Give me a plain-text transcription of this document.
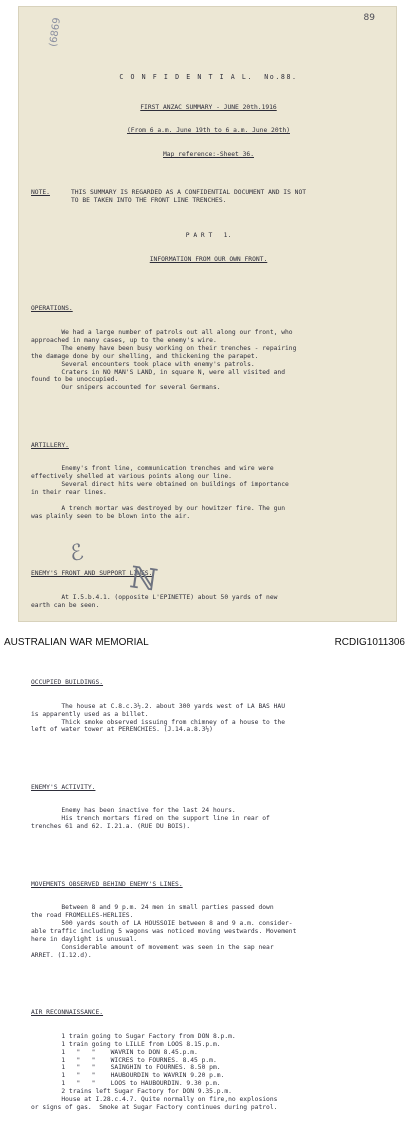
89
(6869

C O N F I D E N T I A L.  No.88.

FIRST ANZAC SUMMARY - JUNE 20th.1916

(From 6 a.m. June 19th to 6 a.m. June 20th)

Map reference:-Sheet 36.

NOTE.	THIS SUMMARY IS REGARDED AS A CONFIDENTIAL DOCUMENT AND IS NOT
TO BE TAKEN INTO THE FRONT LINE TRENCHES.

P A R T   1.

INFORMATION FROM OUR OWN FRONT.

OPERATIONS.

We had a large number of patrols out all along our front, who
approached in many cases, up to the enemy's wire.
The enemy have been busy working on their trenches - repairing
the damage done by our shelling, and thickening the parapet.
Several encounters took place with enemy's patrols.
Craters in NO MAN'S LAND, in square N, were all visited and
found to be unoccupied.
Our snipers accounted for several Germans.

ARTILLERY.

Enemy's front line, communication trenches and wire were
effectively shelled at various points along our line.
Several direct hits were obtained on buildings of importance
in their rear lines.

A trench mortar was destroyed by our howitzer fire. The gun
was plainly seen to be blown into the air.

ENEMY'S FRONT AND SUPPORT LINES.

At I.5.b.4.1. (opposite L'EPINETTE) about 50 yards of new
earth can be seen.

OCCUPIED BUILDINGS.

The house at C.8.c.3½.2. about 300 yards west of LA BAS HAU
is apparently used as a billet.
Thick smoke observed issuing from chimney of a house to the
left of water tower at PERENCHIES. (J.14.a.8.3½)

ENEMY'S ACTIVITY.

Enemy has been inactive for the last 24 hours.
His trench mortars fired on the support line in rear of
trenches 61 and 62. I.21.a. (RUE DU BOIS).

MOVEMENTS OBSERVED BEHIND ENEMY'S LINES.

Between 8 and 9 p.m. 24 men in small parties passed down
the road FROMELLES-HERLIES.
500 yards south of LA HOUSSOIE between 8 and 9 a.m. consider-
able traffic including 5 wagons was noticed moving westwards. Movement
here in daylight is unusual.
Considerable amount of movement was seen in the sap near
ARRET. (I.12.d).

AIR RECONNAISSANCE.

1 train going to Sugar Factory from DON 8.p.m.
1 train going to LILLE from LOOS 8.15.p.m.
1   "   "    WAVRIN to DON 8.45.p.m.
1   "   "    WICRES to FOURNES. 8.45 p.m.
1   "   "    SAINGHIN to FOURNES. 8.50 pm.
1   "   "    HAUBOURDIN to WAVRIN 9.20 p.m.
1   "   "    LOOS to HAUBOURDIN. 9.30 p.m.
2 trains left Sugar Factory for DON 9.35.p.m.
House at I.28.c.4.7. Quite normally on fire,no explosions
or signs of gas.  Smoke at Sugar Factory continues during patrol.

ℰ
ℕ
AUSTRALIAN WAR MEMORIAL	RCDIG1011306
